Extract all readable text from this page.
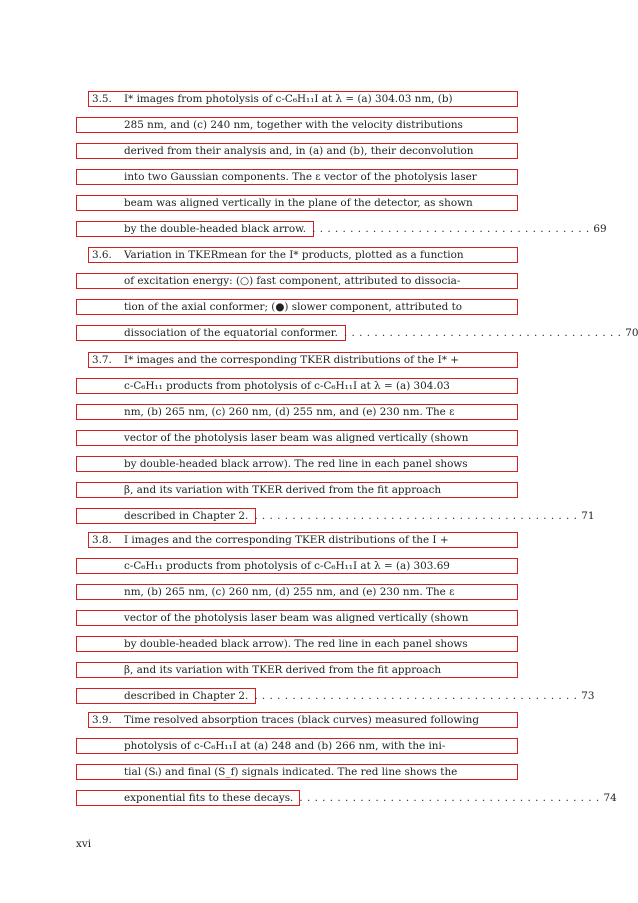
3.5.	I* images from photolysis of c-C₆H₁₁I at λ = (a) 304.03 nm, (b)
285 nm, and (c) 240 nm, together with the velocity distributions
derived from their analysis and, in (a) and (b), their deconvolution
into two Gaussian components. The ε vector of the photolysis laser
beam was aligned vertically in the plane of the detector, as shown
by the double-headed black arrow. ..................................... 69
3.6.	Variation in TKERmean for the I* products, plotted as a function
of excitation energy: (○) fast component, attributed to dissocia-
tion of the axial conformer; (●) slower component, attributed to
dissociation of the equatorial conformer. ..................................... 70
3.7.	I* images and the corresponding TKER distributions of the I* +
c-C₆H₁₁ products from photolysis of c-C₆H₁₁I at λ = (a) 304.03
nm, (b) 265 nm, (c) 260 nm, (d) 255 nm, and (e) 230 nm. The ε
vector of the photolysis laser beam was aligned vertically (shown
by double-headed black arrow). The red line in each panel shows
β, and its variation with TKER derived from the fit approach
described in Chapter 2. ........................................... 71
3.8.	I images and the corresponding TKER distributions of the I +
c-C₆H₁₁ products from photolysis of c-C₆H₁₁I at λ = (a) 303.69
nm, (b) 265 nm, (c) 260 nm, (d) 255 nm, and (e) 230 nm. The ε
vector of the photolysis laser beam was aligned vertically (shown
by double-headed black arrow). The red line in each panel shows
β, and its variation with TKER derived from the fit approach
described in Chapter 2. ........................................... 73
3.9.	Time resolved absorption traces (black curves) measured following
photolysis of c-C₆H₁₁I at (a) 248 and (b) 266 nm, with the ini-
tial (Sᵢ) and final (S_f) signals indicated. The red line shows the
exponential fits to these decays. ........................................ 74
xvi
